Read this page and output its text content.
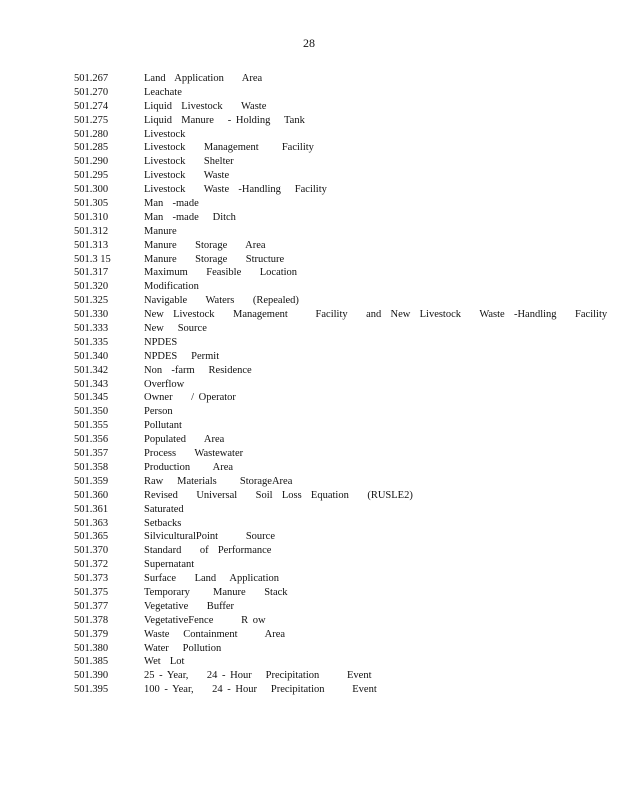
28
501.267	Land  Application    Area
501.270	Leachate
501.274	Liquid  Livestock    Waste
501.275	Liquid  Manure   - Holding   Tank
501.280	Livestock
501.285	Livestock    Management     Facility
501.290	Livestock    Shelter
501.295	Livestock    Waste
501.300	Livestock    Waste  -Handling   Facility
501.305	Man  -made
501.310	Man  -made   Ditch
501.312	Manure
501.313	Manure    Storage    Area
501.3 15	Manure    Storage    Structure
501.317	Maximum    Feasible    Location
501.320	Modification
501.325	Navigable    Waters    (Repealed)
501.330	New  Livestock    Management      Facility    and  New  Livestock    Waste  -Handling    Facility
501.333	New   Source
501.335	NPDES
501.340	NPDES   Permit
501.342	Non  -farm   Residence
501.343	Overflow
501.345	Owner    / Operator
501.350	Person
501.355	Pollutant
501.356	Populated    Area
501.357	Process    Wastewater
501.358	Production     Area
501.359	Raw   Materials     StorageArea
501.360	Revised    Universal    Soil  Loss  Equation    (RUSLE2)
501.361	Saturated
501.363	Setbacks
501.365	SilviculturalPoint      Source
501.370	Standard    of  Performance
501.372	Supernatant
501.373	Surface    Land   Application
501.375	Temporary     Manure    Stack
501.377	Vegetative    Buffer
501.378	VegetativeFence      R ow
501.379	Waste   Containment      Area
501.380	Water   Pollution
501.385	Wet  Lot
501.390	25 - Year,    24 - Hour   Precipitation      Event
501.395	100 - Year,    24 - Hour   Precipitation      Event
